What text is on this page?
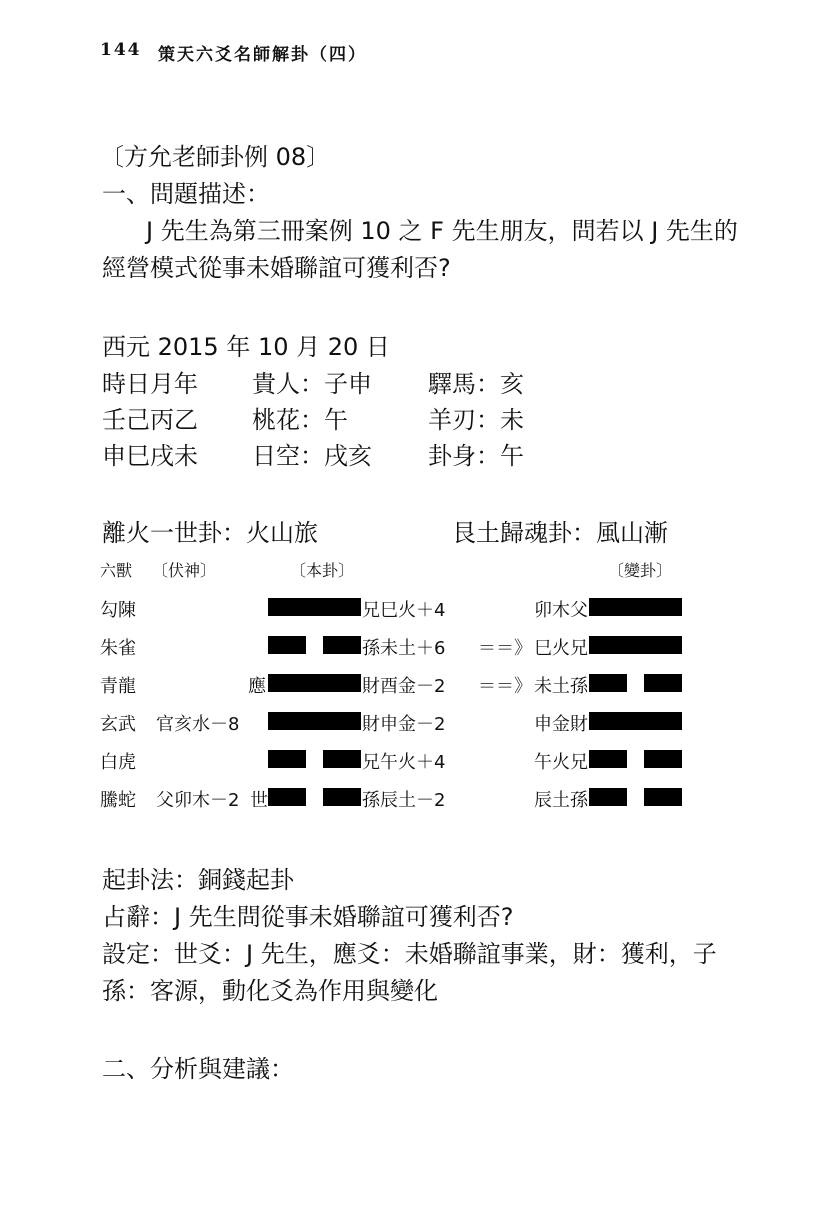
144 策天六爻名師解卦（四）
〔方允老師卦例 08〕
一、問題描述：
J 先生為第三冊案例 10 之 F 先生朋友，問若以 J 先生的
經營模式從事未婚聯誼可獲利否?
西元 2015 年 10 月 20 日
時日月年 貴人：子申 驛馬：亥
壬己丙乙 桃花：午	羊刃：未
申巳戌未 日空：戌亥 卦身：午
離火一世卦：火山旅	艮土歸魂卦：風山漸
六獸 〔伏神〕	〔本卦〕	〔變卦〕
勾陳	兄巳火＋4	卯木父
朱雀	孫未土＋6 ＝＝》 巳火兄
青龍	應	財酉金－2 ＝＝》 未土孫
玄武 官亥水－8	財申金－2	申金財
白虎	兄午火＋4	午火兄
騰蛇 父卯木－2 世	孫辰土－2	辰土孫
起卦法：銅錢起卦
占辭：J 先生問從事未婚聯誼可獲利否?
設定：世爻：J 先生，應爻：未婚聯誼事業，財：獲利，子
孫：客源，動化爻為作用與變化
二、分析與建議：
